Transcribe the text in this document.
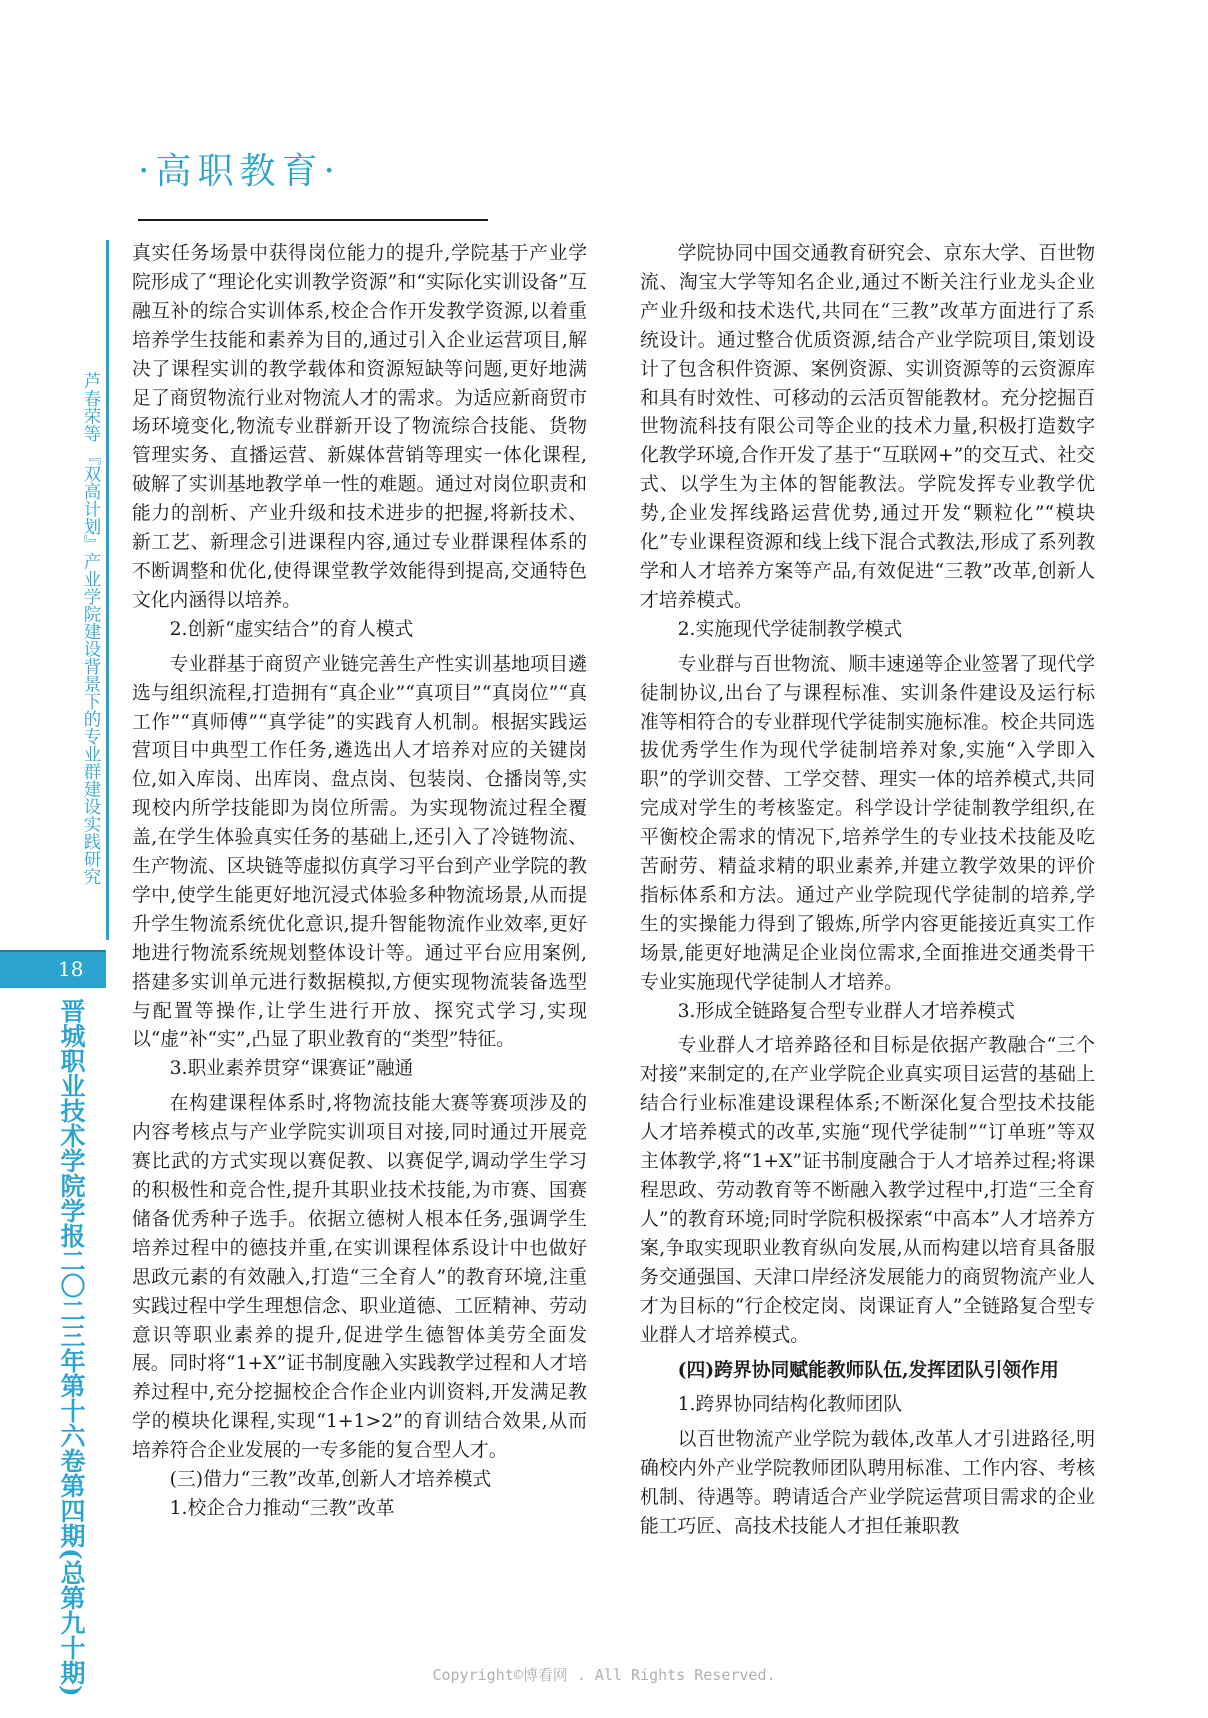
·高职教育·
芦春荣等 『双高计划』产业学院建设背景下的专业群建设实践研究
18
晋城职业技术学院学报二〇二三年第十六卷第四期(总第九十期)

真实任务场景中获得岗位能力的提升,学院基于产业学院形成了“理论化实训教学资源”和“实际化实训设备”互融互补的综合实训体系,校企合作开发教学资源,以着重培养学生技能和素养为目的,通过引入企业运营项目,解决了课程实训的教学载体和资源短缺等问题,更好地满足了商贸物流行业对物流人才的需求。为适应新商贸市场环境变化,物流专业群新开设了物流综合技能、货物管理实务、直播运营、新媒体营销等理实一体化课程,破解了实训基地教学单一性的难题。通过对岗位职责和能力的剖析、产业升级和技术进步的把握,将新技术、新工艺、新理念引进课程内容,通过专业群课程体系的不断调整和优化,使得课堂教学效能得到提高,交通特色文化内涵得以培养。

2.创新“虚实结合”的育人模式

专业群基于商贸产业链完善生产性实训基地项目遴选与组织流程,打造拥有“真企业”“真项目”“真岗位”“真工作”“真师傅”“真学徒”的实践育人机制。根据实践运营项目中典型工作任务,遴选出人才培养对应的关键岗位,如入库岗、出库岗、盘点岗、包装岗、仓播岗等,实现校内所学技能即为岗位所需。为实现物流过程全覆盖,在学生体验真实任务的基础上,还引入了冷链物流、生产物流、区块链等虚拟仿真学习平台到产业学院的教学中,使学生能更好地沉浸式体验多种物流场景,从而提升学生物流系统优化意识,提升智能物流作业效率,更好地进行物流系统规划整体设计等。通过平台应用案例,搭建多实训单元进行数据模拟,方便实现物流装备选型与配置等操作,让学生进行开放、探究式学习,实现以“虚”补“实”,凸显了职业教育的“类型”特征。

3.职业素养贯穿“课赛证”融通

在构建课程体系时,将物流技能大赛等赛项涉及的内容考核点与产业学院实训项目对接,同时通过开展竞赛比武的方式实现以赛促教、以赛促学,调动学生学习的积极性和竞合性,提升其职业技术技能,为市赛、国赛储备优秀种子选手。依据立德树人根本任务,强调学生培养过程中的德技并重,在实训课程体系设计中也做好思政元素的有效融入,打造“三全育人”的教育环境,注重实践过程中学生理想信念、职业道德、工匠精神、劳动意识等职业素养的提升,促进学生德智体美劳全面发展。同时将“1+X”证书制度融入实践教学过程和人才培养过程中,充分挖掘校企合作企业内训资料,开发满足教学的模块化课程,实现“1+1>2”的育训结合效果,从而培养符合企业发展的一专多能的复合型人才。

(三)借力“三教”改革,创新人才培养模式

1.校企合力推动“三教”改革

学院协同中国交通教育研究会、京东大学、百世物流、淘宝大学等知名企业,通过不断关注行业龙头企业产业升级和技术迭代,共同在“三教”改革方面进行了系统设计。通过整合优质资源,结合产业学院项目,策划设计了包含积件资源、案例资源、实训资源等的云资源库和具有时效性、可移动的云活页智能教材。充分挖掘百世物流科技有限公司等企业的技术力量,积极打造数字化教学环境,合作开发了基于“互联网+”的交互式、社交式、以学生为主体的智能教法。学院发挥专业教学优势,企业发挥线路运营优势,通过开发“颗粒化”“模块化”专业课程资源和线上线下混合式教法,形成了系列教学和人才培养方案等产品,有效促进“三教”改革,创新人才培养模式。

2.实施现代学徒制教学模式

专业群与百世物流、顺丰速递等企业签署了现代学徒制协议,出台了与课程标准、实训条件建设及运行标准等相符合的专业群现代学徒制实施标准。校企共同选拔优秀学生作为现代学徒制培养对象,实施“入学即入职”的学训交替、工学交替、理实一体的培养模式,共同完成对学生的考核鉴定。科学设计学徒制教学组织,在平衡校企需求的情况下,培养学生的专业技术技能及吃苦耐劳、精益求精的职业素养,并建立教学效果的评价指标体系和方法。通过产业学院现代学徒制的培养,学生的实操能力得到了锻炼,所学内容更能接近真实工作场景,能更好地满足企业岗位需求,全面推进交通类骨干专业实施现代学徒制人才培养。

3.形成全链路复合型专业群人才培养模式

专业群人才培养路径和目标是依据产教融合“三个对接”来制定的,在产业学院企业真实项目运营的基础上结合行业标准建设课程体系;不断深化复合型技术技能人才培养模式的改革,实施“现代学徒制”“订单班”等双主体教学,将“1+X”证书制度融合于人才培养过程;将课程思政、劳动教育等不断融入教学过程中,打造“三全育人”的教育环境;同时学院积极探索“中高本”人才培养方案,争取实现职业教育纵向发展,从而构建以培育具备服务交通强国、天津口岸经济发展能力的商贸物流产业人才为目标的“行企校定岗、岗课证育人”全链路复合型专业群人才培养模式。

(四)跨界协同赋能教师队伍,发挥团队引领作用

1.跨界协同结构化教师团队

以百世物流产业学院为载体,改革人才引进路径,明确校内外产业学院教师团队聘用标准、工作内容、考核机制、待遇等。聘请适合产业学院运营项目需求的企业能工巧匠、高技术技能人才担任兼职教

Copyright©博看网 . All Rights Reserved.
